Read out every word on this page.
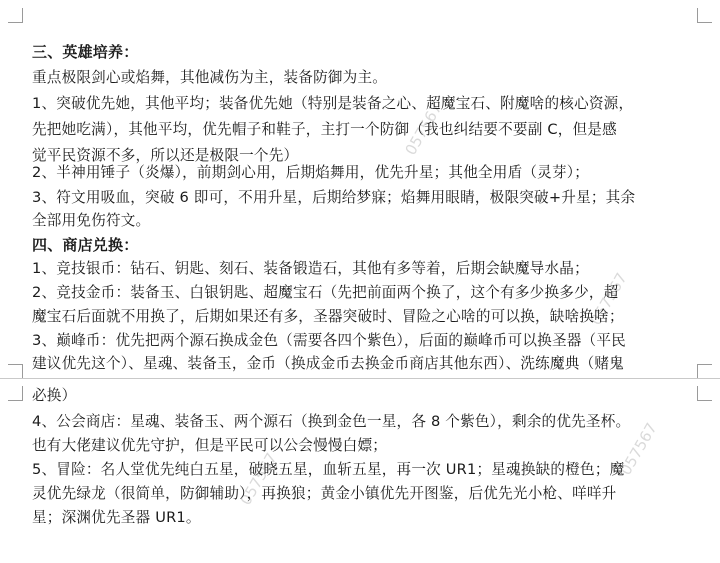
057567
057567
057567
057567
三、英雄培养：
重点极限剑心或焰舞，其他减伤为主，装备防御为主。
1、突破优先她，其他平均；装备优先她（特别是装备之心、超魔宝石、附魔啥的核心资源，
先把她吃满），其他平均，优先帽子和鞋子，主打一个防御（我也纠结要不要副 C，但是感
觉平民资源不多，所以还是极限一个先）
2、半神用锤子（炎爆），前期剑心用，后期焰舞用，优先升星；其他全用盾（灵芽）；
3、符文用吸血，突破 6 即可，不用升星，后期给梦寐；焰舞用眼睛，极限突破+升星；其余
全部用免伤符文。
四、商店兑换：
1、竞技银币：钻石、钥匙、刻石、装备锻造石，其他有多等着，后期会缺魔导水晶；
2、竞技金币：装备玉、白银钥匙、超魔宝石（先把前面两个换了，这个有多少换多少，超
魔宝石后面就不用换了，后期如果还有多，圣器突破时、冒险之心啥的可以换，缺啥换啥；
3、巅峰币：优先把两个源石换成金色（需要各四个紫色），后面的巅峰币可以换圣器（平民
建议优先这个）、星魂、装备玉，金币（换成金币去换金币商店其他东西）、洗练魔典（赌鬼
必换）
4、公会商店：星魂、装备玉、两个源石（换到金色一星，各 8 个紫色），剩余的优先圣杯。
也有大佬建议优先守护，但是平民可以公会慢慢白嫖；
5、冒险：名人堂优先纯白五星，破晓五星，血斩五星，再一次 UR1；星魂换缺的橙色；魔
灵优先绿龙（很简单，防御辅助），再换狼；黄金小镇优先开图鉴，后优先光小枪、咩咩升
星；深渊优先圣器 UR1。
